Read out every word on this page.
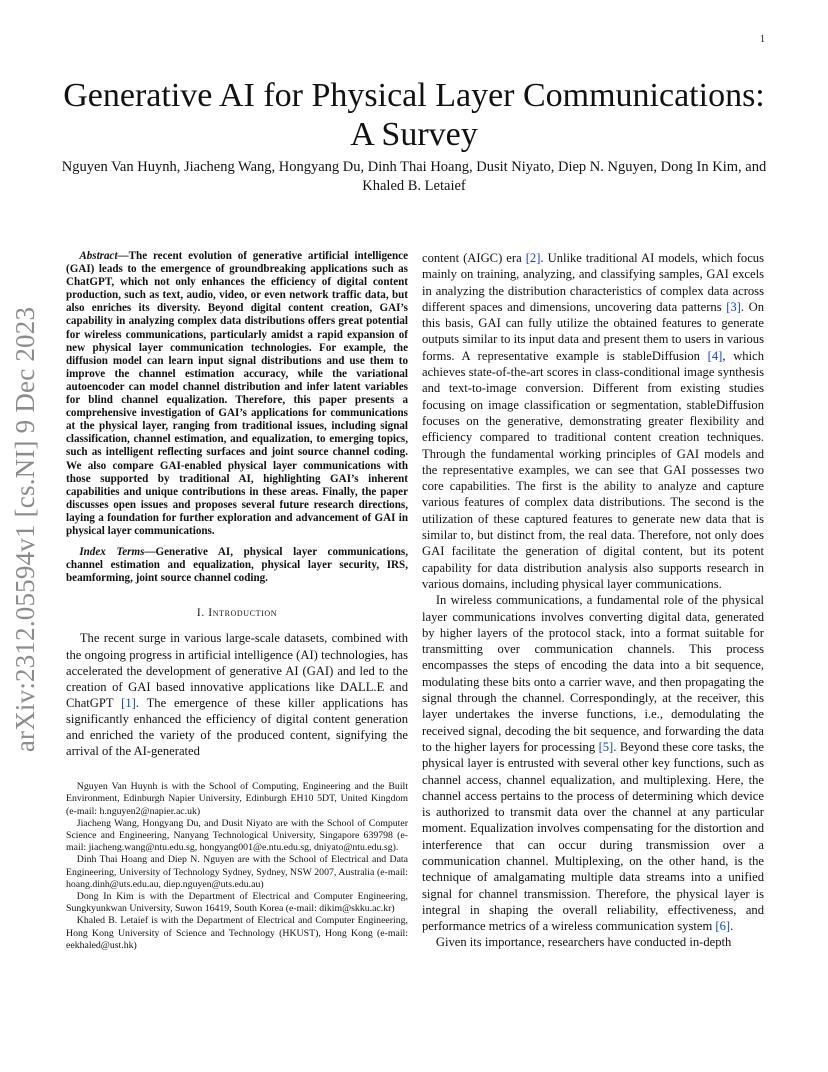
1
arXiv:2312.05594v1 [cs.NI] 9 Dec 2023
Generative AI for Physical Layer Communications:
A Survey
Nguyen Van Huynh, Jiacheng Wang, Hongyang Du, Dinh Thai Hoang, Dusit Niyato, Diep N. Nguyen, Dong In Kim, and Khaled B. Letaief

Abstract—The recent evolution of generative artificial intelligence (GAI) leads to the emergence of groundbreaking applications such as ChatGPT, which not only enhances the efficiency of digital content production, such as text, audio, video, or even network traffic data, but also enriches its diversity. Beyond digital content creation, GAI’s capability in analyzing complex data distributions offers great potential for wireless communications, particularly amidst a rapid expansion of new physical layer communication technologies. For example, the diffusion model can learn input signal distributions and use them to improve the channel estimation accuracy, while the variational autoencoder can model channel distribution and infer latent variables for blind channel equalization. Therefore, this paper presents a comprehensive investigation of GAI’s applications for communications at the physical layer, ranging from traditional issues, including signal classification, channel estimation, and equalization, to emerging topics, such as intelligent reflecting surfaces and joint source channel coding. We also compare GAI-enabled physical layer communications with those supported by traditional AI, highlighting GAI’s inherent capabilities and unique contributions in these areas. Finally, the paper discusses open issues and proposes several future research directions, laying a foundation for further exploration and advancement of GAI in physical layer communications.

Index Terms—Generative AI, physical layer communications, channel estimation and equalization, physical layer security, IRS, beamforming, joint source channel coding.

I. Introduction

The recent surge in various large-scale datasets, combined with the ongoing progress in artificial intelligence (AI) technologies, has accelerated the development of generative AI (GAI) and led to the creation of GAI based innovative applications like DALL.E and ChatGPT [1]. The emergence of these killer applications has significantly enhanced the efficiency of digital content generation and enriched the variety of the produced content, signifying the arrival of the AI-generated

Nguyen Van Huynh is with the School of Computing, Engineering and the Built Environment, Edinburgh Napier University, Edinburgh EH10 5DT, United Kingdom (e-mail: h.nguyen2@napier.ac.uk)

Jiacheng Wang, Hongyang Du, and Dusit Niyato are with the School of Computer Science and Engineering, Nanyang Technological University, Singapore 639798 (e-mail: jiacheng.wang@ntu.edu.sg, hongyang001@e.ntu.edu.sg, dniyato@ntu.edu.sg).

Dinh Thai Hoang and Diep N. Nguyen are with the School of Electrical and Data Engineering, University of Technology Sydney, Sydney, NSW 2007, Australia (e-mail: hoang.dinh@uts.edu.au, diep.nguyen@uts.edu.au)

Dong In Kim is with the Department of Electrical and Computer Engineering, Sungkyunkwan University, Suwon 16419, South Korea (e-mail: dikim@skku.ac.kr)

Khaled B. Letaief is with the Department of Electrical and Computer Engineering, Hong Kong University of Science and Technology (HKUST), Hong Kong (e-mail: eekhaled@ust.hk)

content (AIGC) era [2]. Unlike traditional AI models, which focus mainly on training, analyzing, and classifying samples, GAI excels in analyzing the distribution characteristics of complex data across different spaces and dimensions, uncovering data patterns [3]. On this basis, GAI can fully utilize the obtained features to generate outputs similar to its input data and present them to users in various forms. A representative example is stableDiffusion [4], which achieves state-of-the-art scores in class-conditional image synthesis and text-to-image conversion. Different from existing studies focusing on image classification or segmentation, stableDiffusion focuses on the generative, demonstrating greater flexibility and efficiency compared to traditional content creation techniques. Through the fundamental working principles of GAI models and the representative examples, we can see that GAI possesses two core capabilities. The first is the ability to analyze and capture various features of complex data distributions. The second is the utilization of these captured features to generate new data that is similar to, but distinct from, the real data. Therefore, not only does GAI facilitate the generation of digital content, but its potent capability for data distribution analysis also supports research in various domains, including physical layer communications.

In wireless communications, a fundamental role of the physical layer communications involves converting digital data, generated by higher layers of the protocol stack, into a format suitable for transmitting over communication channels. This process encompasses the steps of encoding the data into a bit sequence, modulating these bits onto a carrier wave, and then propagating the signal through the channel. Correspondingly, at the receiver, this layer undertakes the inverse functions, i.e., demodulating the received signal, decoding the bit sequence, and forwarding the data to the higher layers for processing [5]. Beyond these core tasks, the physical layer is entrusted with several other key functions, such as channel access, channel equalization, and multiplexing. Here, the channel access pertains to the process of determining which device is authorized to transmit data over the channel at any particular moment. Equalization involves compensating for the distortion and interference that can occur during transmission over a communication channel. Multiplexing, on the other hand, is the technique of amalgamating multiple data streams into a unified signal for channel transmission. Therefore, the physical layer is integral in shaping the overall reliability, effectiveness, and performance metrics of a wireless communication system [6].

Given its importance, researchers have conducted in-depth
